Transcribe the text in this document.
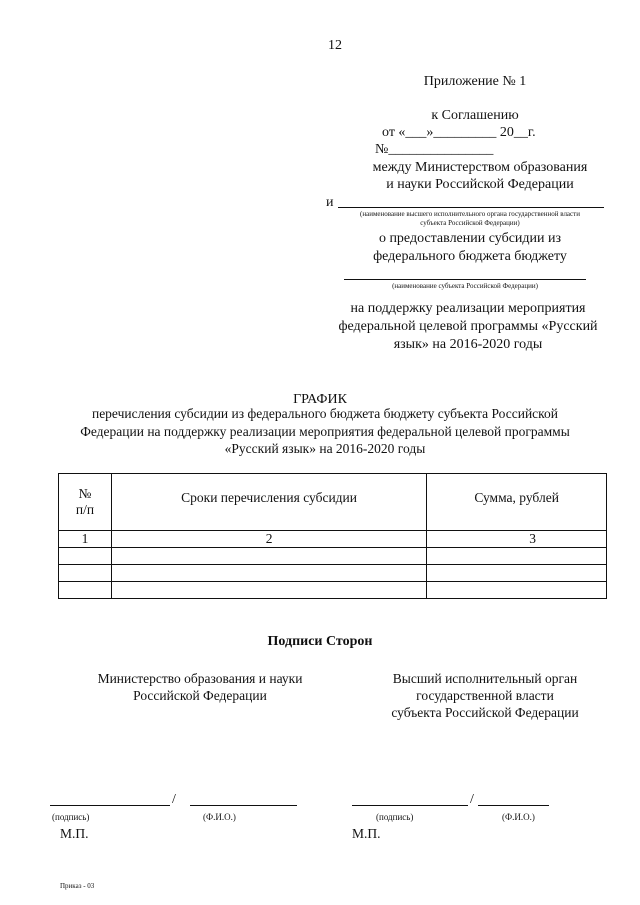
12
Приложение № 1
к Соглашению
от «___»_________ 20__г.
№_______________
между Министерством образования
и науки Российской Федерации
и
(наименование высшего исполнительного органа государственной власти
субъекта Российской Федерации)
о предоставлении субсидии из
федерального бюджета бюджету
(наименование субъекта Российской Федерации)
на поддержку реализации мероприятия
федеральной целевой программы «Русский
язык» на 2016-2020 годы
ГРАФИК
перечисления субсидии из федерального бюджета бюджету субъекта Российской
Федерации на поддержку реализации мероприятия федеральной целевой программы
«Русский язык» на 2016-2020 годы
№
п/п	Сроки перечисления субсидии	Сумма, рублей
1	2	3

Подписи Сторон
Министерство образования и науки
Российской Федерации
Высший исполнительный орган
государственной власти
субъекта Российской Федерации
/
(подпись)	(Ф.И.О.)
М.П.
/
(подпись)	(Ф.И.О.)
М.П.
Приказ - 03
